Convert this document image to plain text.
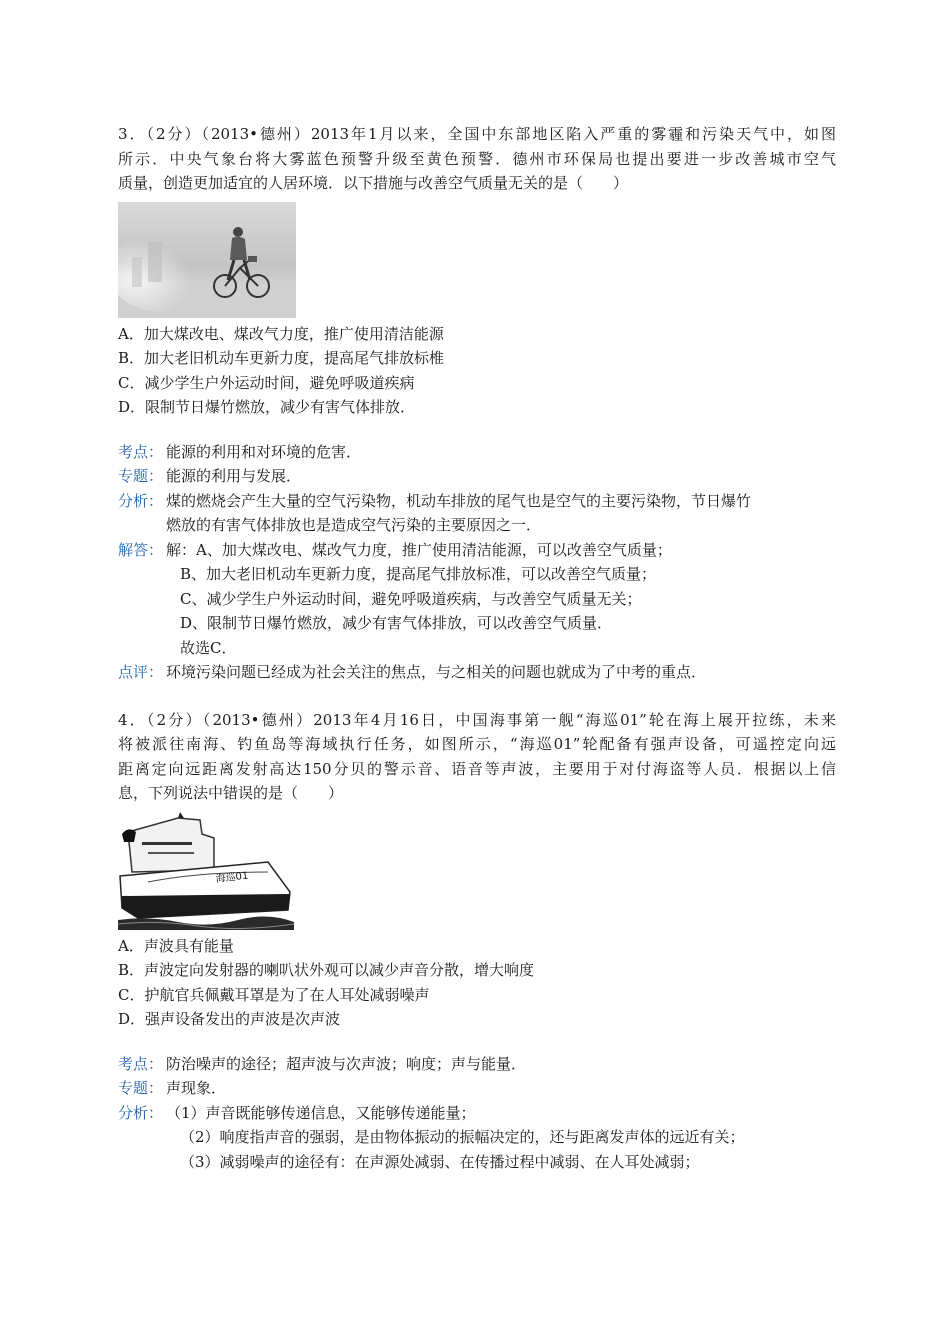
3．（2分）（2013•德州）2013年1月以来，全国中东部地区陷入严重的雾霾和污染天气中，如图
所示．中央气象台将大雾蓝色预警升级至黄色预警．德州市环保局也提出要进一步改善城市空气
质量，创造更加适宜的人居环境．以下措施与改善空气质量无关的是（　　）
A．加大煤改电、煤改气力度，推广使用清洁能源
B．加大老旧机动车更新力度，提高尾气排放标椎
C．减少学生户外运动时间，避免呼吸道疾病
D．限制节日爆竹燃放，减少有害气体排放．
考点： 能源的利用和对环境的危害．
专题： 能源的利用与发展．
分析： 煤的燃烧会产生大量的空气污染物，机动车排放的尾气也是空气的主要污染物，节日爆竹
燃放的有害气体排放也是造成空气污染的主要原因之一．
解答： 解：A、加大煤改电、煤改气力度，推广使用清洁能源，可以改善空气质量；
B、加大老旧机动车更新力度，提高尾气排放标准，可以改善空气质量；
C、减少学生户外运动时间，避免呼吸道疾病，与改善空气质量无关；
D、限制节日爆竹燃放，减少有害气体排放，可以改善空气质量．
故选C．
点评： 环境污染问题已经成为社会关注的焦点，与之相关的问题也就成为了中考的重点．
4．（2分）（2013•德州）2013年4月16日，中国海事第一舰“海巡01”轮在海上展开拉练，未来
将被派往南海、钓鱼岛等海域执行任务，如图所示，“海巡01”轮配备有强声设备，可遥控定向远
距离定向远距离发射高达150分贝的警示音、语音等声波，主要用于对付海盗等人员．根据以上信
息，下列说法中错误的是（　　）
海巡01
A．声波具有能量
B．声波定向发射器的喇叭状外观可以减少声音分散，增大响度
C．护航官兵佩戴耳罩是为了在人耳处减弱噪声
D．强声设备发出的声波是次声波
考点： 防治噪声的途径；超声波与次声波；响度；声与能量．
专题： 声现象．
分析： （1）声音既能够传递信息，又能够传递能量；
（2）响度指声音的强弱，是由物体振动的振幅决定的，还与距离发声体的远近有关；
（3）减弱噪声的途径有：在声源处减弱、在传播过程中减弱、在人耳处减弱；
